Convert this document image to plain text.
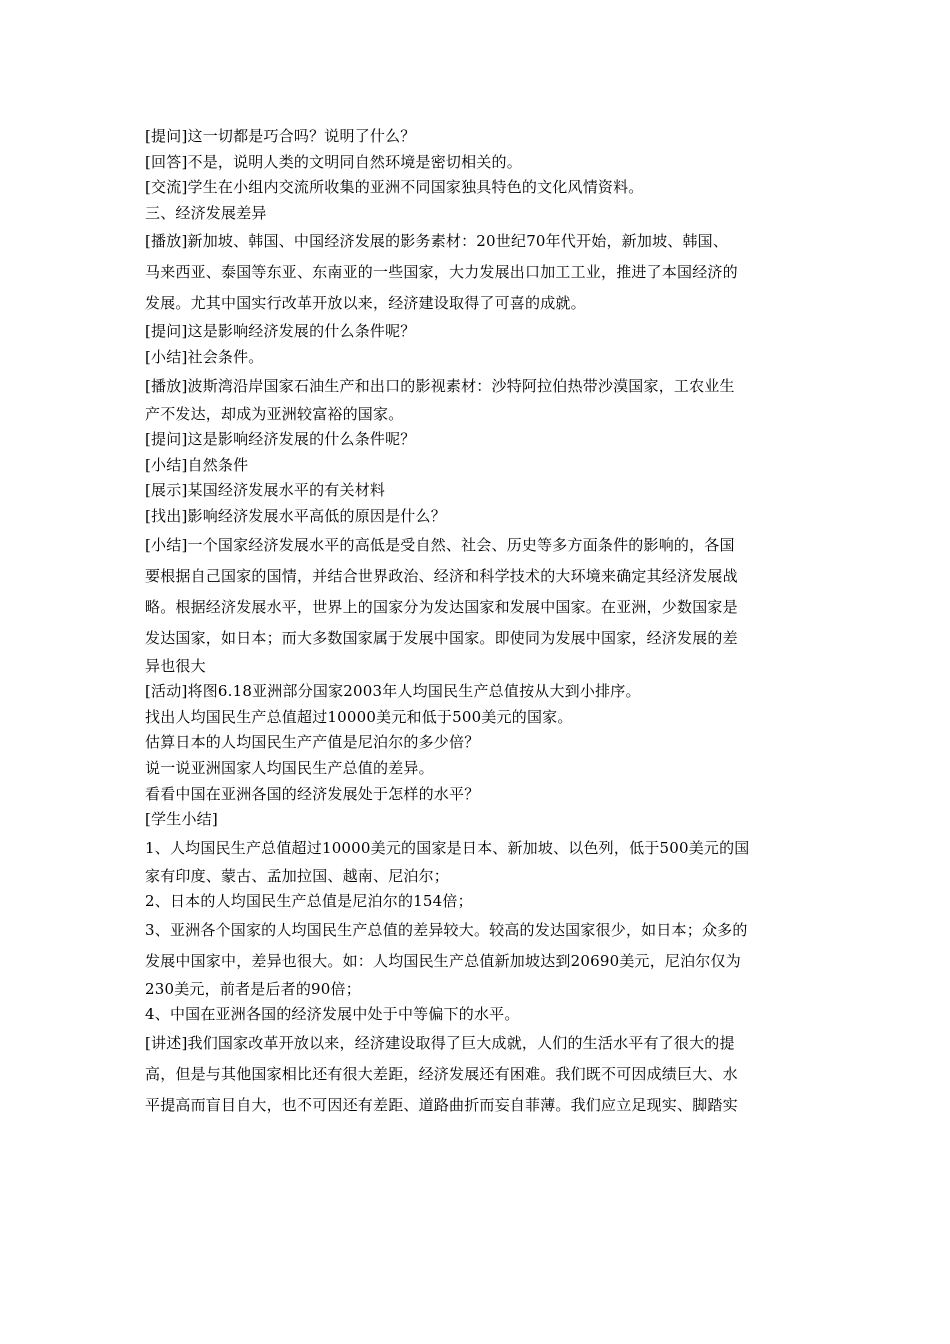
[提问]这一切都是巧合吗？说明了什么？
[回答]不是，说明人类的文明同自然环境是密切相关的。
[交流]学生在小组内交流所收集的亚洲不同国家独具特色的文化风情资料。
三、经济发展差异
[播放]新加坡、韩国、中国经济发展的影务素材：20世纪70年代开始，新加坡、韩国、
马来西亚、泰国等东亚、东南亚的一些国家，大力发展出口加工工业，推进了本国经济的
发展。尤其中国实行改革开放以来，经济建设取得了可喜的成就。
[提问]这是影响经济发展的什么条件呢？
[小结]社会条件。
[播放]波斯湾沿岸国家石油生产和出口的影视素材：沙特阿拉伯热带沙漠国家，工农业生
产不发达，却成为亚洲较富裕的国家。
[提问]这是影响经济发展的什么条件呢？
[小结]自然条件
[展示]某国经济发展水平的有关材料
[找出]影响经济发展水平高低的原因是什么？
[小结]一个国家经济发展水平的高低是受自然、社会、历史等多方面条件的影响的，各国
要根据自己国家的国情，并结合世界政治、经济和科学技术的大环境来确定其经济发展战
略。根据经济发展水平，世界上的国家分为发达国家和发展中国家。在亚洲，少数国家是
发达国家，如日本；而大多数国家属于发展中国家。即使同为发展中国家，经济发展的差
异也很大
[活动]将图6.18亚洲部分国家2003年人均国民生产总值按从大到小排序。
找出人均国民生产总值超过10000美元和低于500美元的国家。
估算日本的人均国民生产产值是尼泊尔的多少倍？
说一说亚洲国家人均国民生产总值的差异。
看看中国在亚洲各国的经济发展处于怎样的水平？
[学生小结]
1、人均国民生产总值超过10000美元的国家是日本、新加坡、以色列，低于500美元的国
家有印度、蒙古、孟加拉国、越南、尼泊尔；
2、日本的人均国民生产总值是尼泊尔的154倍；
3、亚洲各个国家的人均国民生产总值的差异较大。较高的发达国家很少，如日本；众多的
发展中国家中，差异也很大。如：人均国民生产总值新加坡达到20690美元，尼泊尔仅为
230美元，前者是后者的90倍；
4、中国在亚洲各国的经济发展中处于中等偏下的水平。
[讲述]我们国家改革开放以来，经济建设取得了巨大成就，人们的生活水平有了很大的提
高，但是与其他国家相比还有很大差距，经济发展还有困难。我们既不可因成绩巨大、水
平提高而盲目自大，也不可因还有差距、道路曲折而妄自菲薄。我们应立足现实、脚踏实
